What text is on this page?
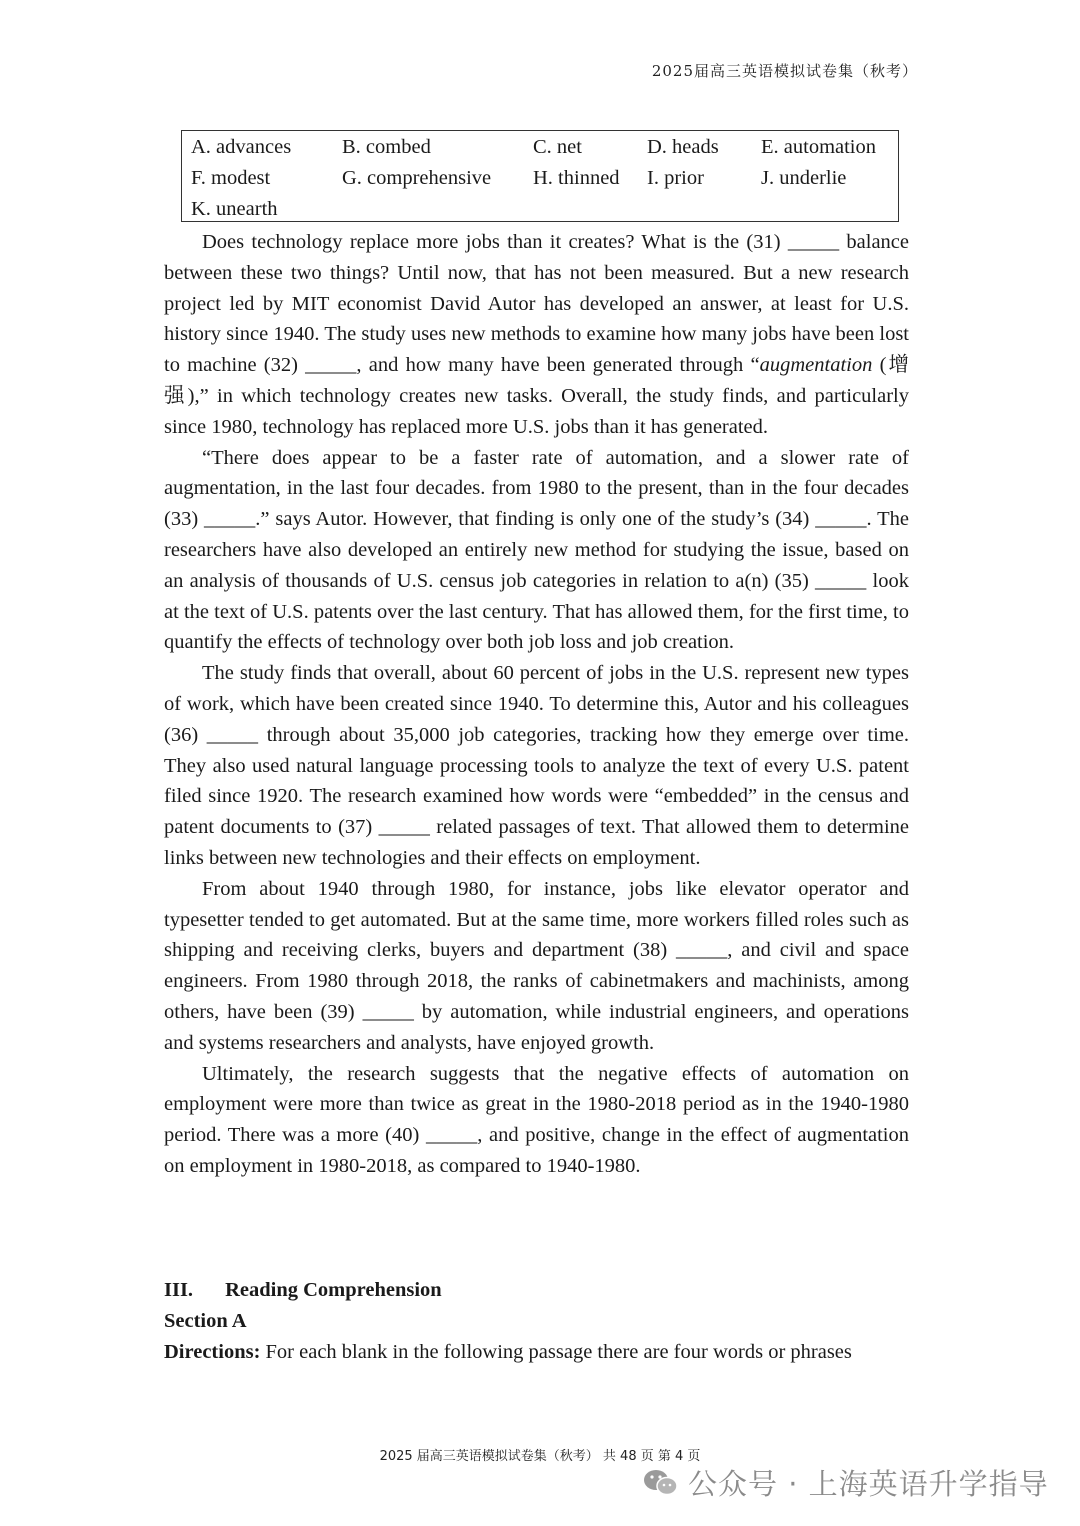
2025届高三英语模拟试卷集（秋考）
A. advances B. combed	C. net	D. heads E. automation
F. modest	G. comprehensive H. thinned I. prior	J. underlie
K. unearth

Does technology replace more jobs than it creates? What is the (31) _____ balance between these two things? Until now, that has not been measured. But a new research project led by MIT economist David Autor has developed an answer, at least for U.S. history since 1940. The study uses new methods to examine how many jobs have been lost to machine (32) _____, and how many have been generated through “augmentation (增强),” in which technology creates new tasks. Overall, the study finds, and particularly since 1980, technology has replaced more U.S. jobs than it has generated.

“There does appear to be a faster rate of automation, and a slower rate of augmentation, in the last four decades. from 1980 to the present, than in the four decades (33) _____.” says Autor. However, that finding is only one of the study’s (34) _____. The researchers have also developed an entirely new method for studying the issue, based on an analysis of thousands of U.S. census job categories in relation to a(n) (35) _____ look at the text of U.S. patents over the last century. That has allowed them, for the first time, to quantify the effects of technology over both job loss and job creation.

The study finds that overall, about 60 percent of jobs in the U.S. represent new types of work, which have been created since 1940. To determine this, Autor and his colleagues (36) _____ through about 35,000 job categories, tracking how they emerge over time. They also used natural language processing tools to analyze the text of every U.S. patent filed since 1920. The research examined how words were “embedded” in the census and patent documents to (37) _____ related passages of text. That allowed them to determine links between new technologies and their effects on employment.

From about 1940 through 1980, for instance, jobs like elevator operator and typesetter tended to get automated. But at the same time, more workers filled roles such as shipping and receiving clerks, buyers and department (38) _____, and civil and space engineers. From 1980 through 2018, the ranks of cabinetmakers and machinists, among others, have been (39) _____ by automation, while industrial engineers, and operations and systems researchers and analysts, have enjoyed growth.

Ultimately, the research suggests that the negative effects of automation on employment were more than twice as great in the 1980-2018 period as in the 1940-1980 period. There was a more (40) _____, and positive, change in the effect of augmentation on employment in 1980-2018, as compared to 1940-1980.

III. Reading Comprehension
Section A
Directions: For each blank in the following passage there are four words or phrases
2025 届高三英语模拟试卷集（秋考） 共 48 页 第 4 页
公众号 · 上海英语升学指导
